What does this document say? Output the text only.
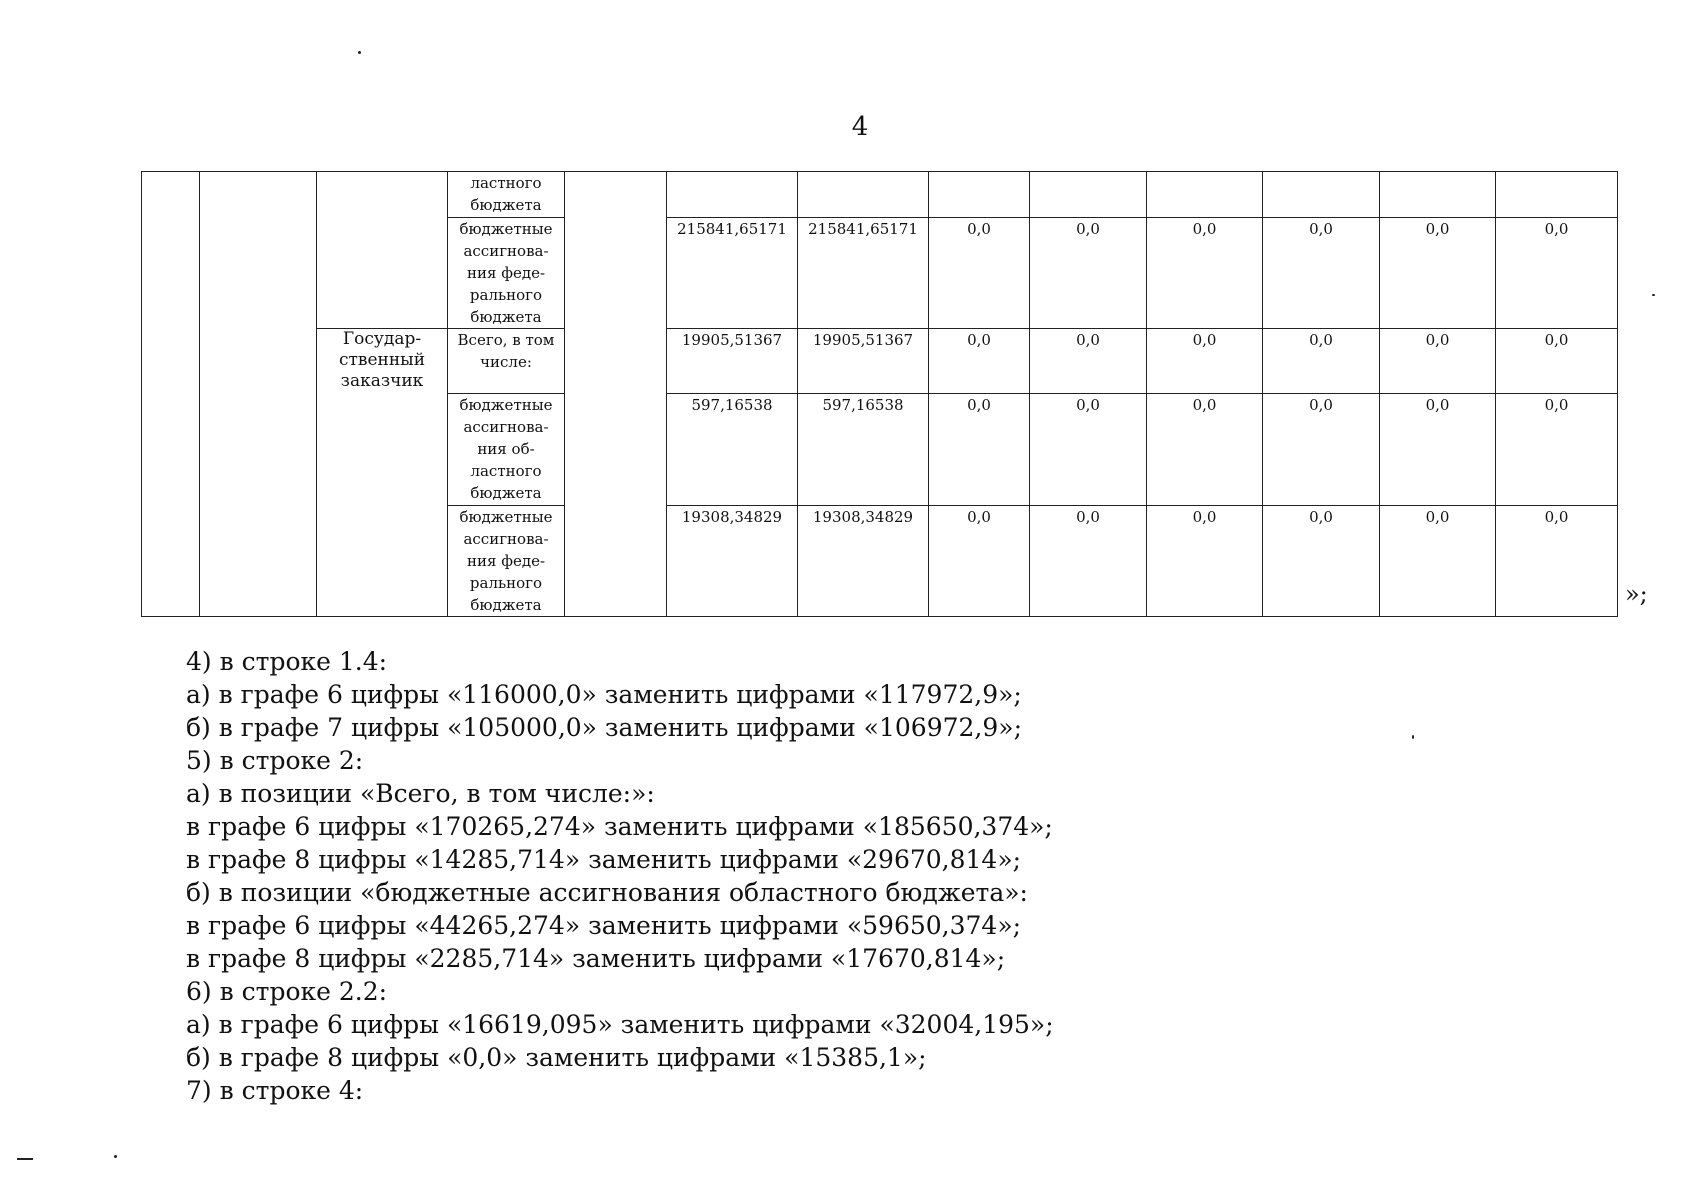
4
			ластного бюджета									
			бюджетные ассигнова- ния феде- рального бюджета		215841,65171	215841,65171	0,0	0,0	0,0	0,0	0,0	0,0
		Государ- ственный заказчик	Всего, в том числе:		19905,51367	19905,51367	0,0	0,0	0,0	0,0	0,0	0,0
			бюджетные ассигнова- ния об- ластного бюджета		597,16538	597,16538	0,0	0,0	0,0	0,0	0,0	0,0
			бюджетные ассигнова- ния феде- рального бюджета		19308,34829	19308,34829	0,0	0,0	0,0	0,0	0,0	0,0
»;
4) в строке 1.4:
а) в графе 6 цифры «116000,0» заменить цифрами «117972,9»;
б) в графе 7 цифры «105000,0» заменить цифрами «106972,9»;
5) в строке 2:
а) в позиции «Всего, в том числе:»:
в графе 6 цифры «170265,274» заменить цифрами «185650,374»;
в графе 8 цифры «14285,714» заменить цифрами «29670,814»;
б) в позиции «бюджетные ассигнования областного бюджета»:
в графе 6 цифры «44265,274» заменить цифрами «59650,374»;
в графе 8 цифры «2285,714» заменить цифрами «17670,814»;
6) в строке 2.2:
а) в графе 6 цифры «16619,095» заменить цифрами «32004,195»;
б) в графе 8 цифры «0,0» заменить цифрами «15385,1»;
7) в строке 4:
